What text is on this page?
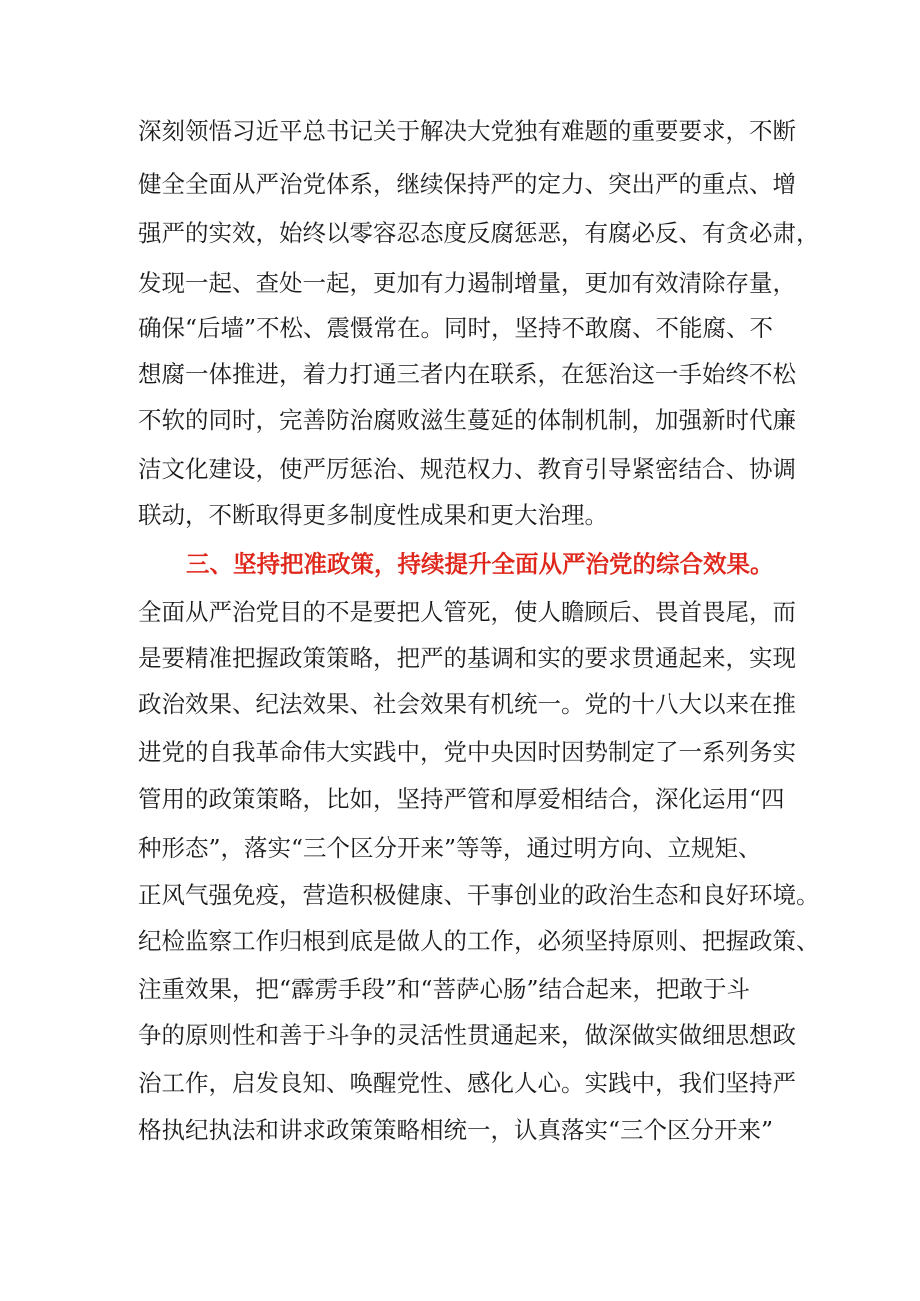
深刻领悟习近平总书记关于解决大党独有难题的重要要求，不断
健全全面从严治党体系，继续保持严的定力、突出严的重点、增
强严的实效，始终以零容忍态度反腐惩恶，有腐必反、有贪必肃，
发现一起、查处一起，更加有力遏制增量，更加有效清除存量，
确保“后墙”不松、震慑常在。同时，坚持不敢腐、不能腐、不
想腐一体推进，着力打通三者内在联系，在惩治这一手始终不松
不软的同时，完善防治腐败滋生蔓延的体制机制，加强新时代廉
洁文化建设，使严厉惩治、规范权力、教育引导紧密结合、协调
联动，不断取得更多制度性成果和更大治理。
三、坚持把准政策，持续提升全面从严治党的综合效果。
全面从严治党目的不是要把人管死，使人瞻顾后、畏首畏尾，而
是要精准把握政策策略，把严的基调和实的要求贯通起来，实现
政治效果、纪法效果、社会效果有机统一。党的十八大以来在推
进党的自我革命伟大实践中，党中央因时因势制定了一系列务实
管用的政策策略，比如，坚持严管和厚爱相结合，深化运用“四
种形态”，落实“三个区分开来”等等，通过明方向、立规矩、
正风气强免疫，营造积极健康、干事创业的政治生态和良好环境。
纪检监察工作归根到底是做人的工作，必须坚持原则、把握政策、
注重效果，把“霹雳手段”和“菩萨心肠”结合起来，把敢于斗
争的原则性和善于斗争的灵活性贯通起来，做深做实做细思想政
治工作，启发良知、唤醒党性、感化人心。实践中，我们坚持严
格执纪执法和讲求政策策略相统一，认真落实“三个区分开来”
